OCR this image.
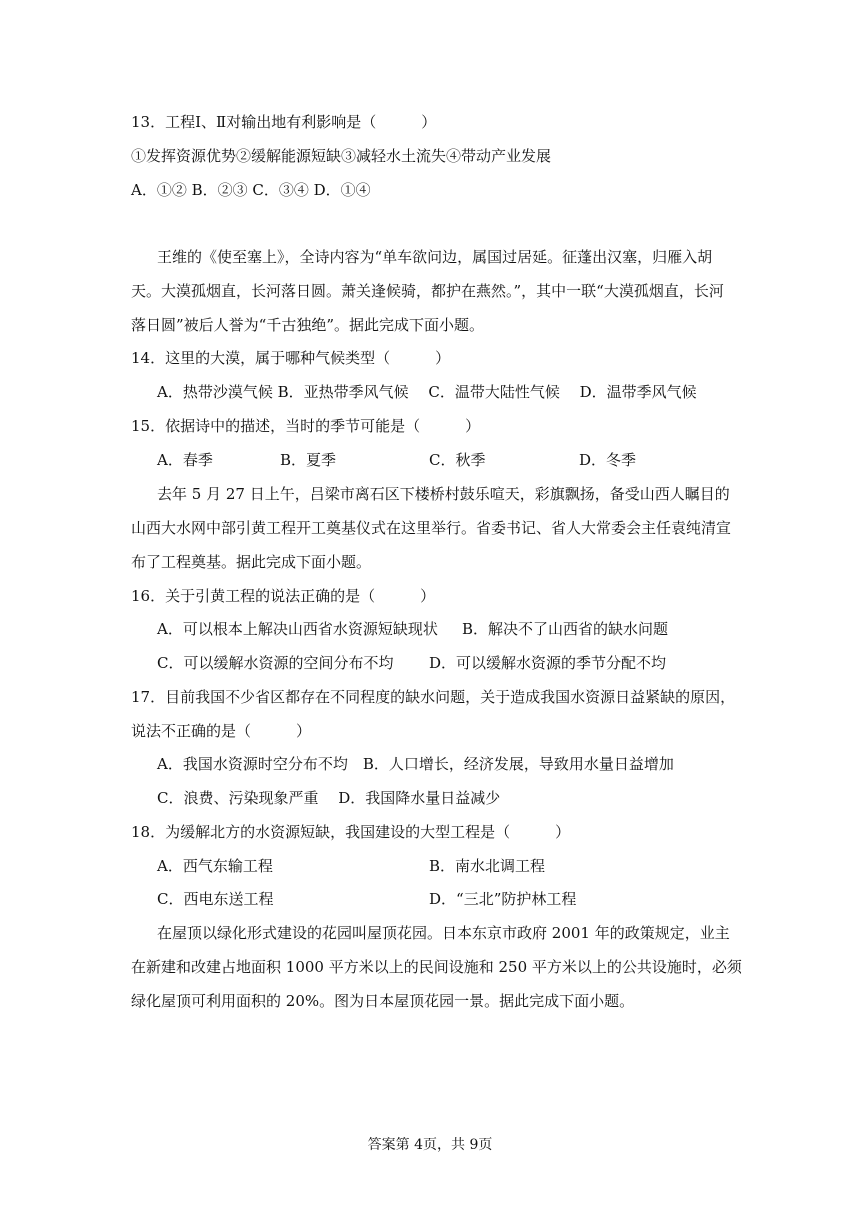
13．工程Ⅰ、Ⅱ对输出地有利影响是（　　　）
①发挥资源优势②缓解能源短缺③减轻水土流失④带动产业发展
A．①② B．②③ C．③④ D．①④
王维的《使至塞上》，全诗内容为“单车欲问边，属国过居延。征蓬出汉塞，归雁入胡
天。大漠孤烟直，长河落日圆。萧关逢候骑，都护在燕然。”，其中一联“大漠孤烟直，长河
落日圆”被后人誉为“千古独绝”。据此完成下面小题。
14．这里的大漠，属于哪种气候类型（　　　）
A．热带沙漠气候 B．亚热带季风气候　 C．温带大陆性气候　 D．温带季风气候
15．依据诗中的描述，当时的季节可能是（　　　）
A．春季	B．夏季	C．秋季	D．冬季
去年 5 月 27 日上午，吕梁市离石区下楼桥村鼓乐喧天，彩旗飘扬，备受山西人瞩目的
山西大水网中部引黄工程开工奠基仪式在这里举行。省委书记、省人大常委会主任袁纯清宣
布了工程奠基。据此完成下面小题。
16．关于引黄工程的说法正确的是（　　　）
A．可以根本上解决山西省水资源短缺现状 B．解决不了山西省的缺水问题
C．可以缓解水资源的空间分布不均 D．可以缓解水资源的季节分配不均
17．目前我国不少省区都存在不同程度的缺水问题，关于造成我国水资源日益紧缺的原因，
说法不正确的是（　　　）
A．我国水资源时空分布不均　B．人口增长，经济发展，导致用水量日益增加
C．浪费、污染现象严重　 D．我国降水量日益减少
18．为缓解北方的水资源短缺，我国建设的大型工程是（　　　）
A．西气东输工程	B．南水北调工程
C．西电东送工程	D．“三北”防护林工程
在屋顶以绿化形式建设的花园叫屋顶花园。日本东京市政府 2001 年的政策规定，业主
在新建和改建占地面积 1000 平方米以上的民间设施和 250 平方米以上的公共设施时，必须
绿化屋顶可利用面积的 20%。图为日本屋顶花园一景。据此完成下面小题。
答案第 4页，共 9页
